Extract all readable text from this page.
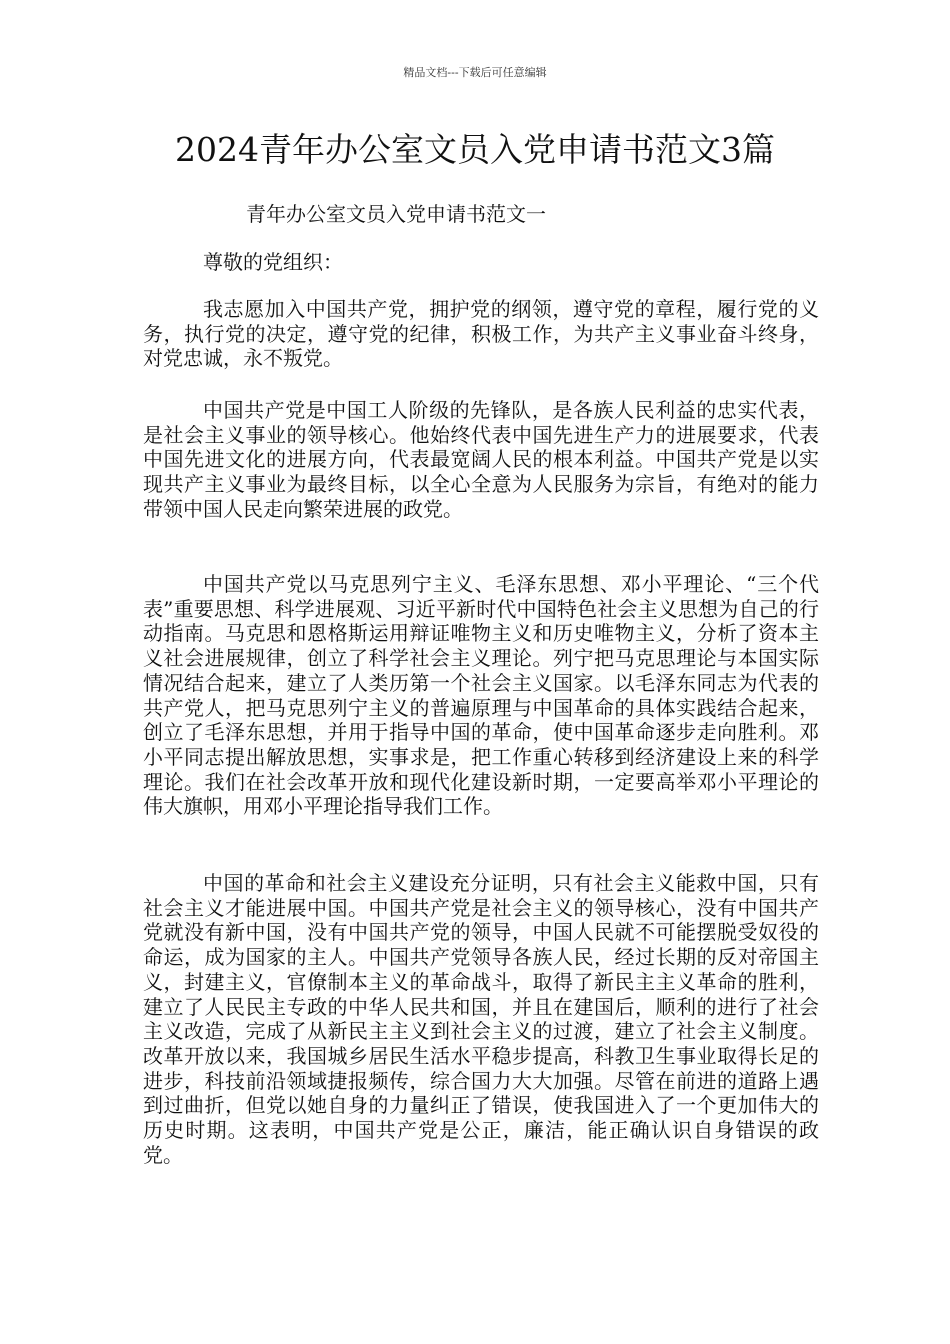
精品文档---下载后可任意编辑
2024青年办公室文员入党申请书范文3篇
青年办公室文员入党申请书范文一
尊敬的党组织：

我志愿加入中国共产党，拥护党的纲领，遵守党的章程，履行党的义务，执行党的决定，遵守党的纪律，积极工作，为共产主义事业奋斗终身，对党忠诚，永不叛党。

中国共产党是中国工人阶级的先锋队，是各族人民利益的忠实代表，是社会主义事业的领导核心。他始终代表中国先进生产力的进展要求，代表中国先进文化的进展方向，代表最宽阔人民的根本利益。中国共产党是以实现共产主义事业为最终目标，以全心全意为人民服务为宗旨，有绝对的能力带领中国人民走向繁荣进展的政党。

中国共产党以马克思列宁主义、毛泽东思想、邓小平理论、“三个代表”重要思想、科学进展观、习近平新时代中国特色社会主义思想为自己的行动指南。马克思和恩格斯运用辩证唯物主义和历史唯物主义，分析了资本主义社会进展规律，创立了科学社会主义理论。列宁把马克思理论与本国实际情况结合起来，建立了人类历第一个社会主义国家。以毛泽东同志为代表的共产党人，把马克思列宁主义的普遍原理与中国革命的具体实践结合起来，创立了毛泽东思想，并用于指导中国的革命，使中国革命逐步走向胜利。邓小平同志提出解放思想，实事求是，把工作重心转移到经济建设上来的科学理论。我们在社会改革开放和现代化建设新时期，一定要高举邓小平理论的伟大旗帜，用邓小平理论指导我们工作。

中国的革命和社会主义建设充分证明，只有社会主义能救中国，只有社会主义才能进展中国。中国共产党是社会主义的领导核心，没有中国共产党就没有新中国，没有中国共产党的领导，中国人民就不可能摆脱受奴役的命运，成为国家的主人。中国共产党领导各族人民，经过长期的反对帝国主义，封建主义，官僚制本主义的革命战斗，取得了新民主主义革命的胜利，建立了人民民主专政的中华人民共和国，并且在建国后，顺利的进行了社会主义改造，完成了从新民主主义到社会主义的过渡，建立了社会主义制度。改革开放以来，我国城乡居民生活水平稳步提高，科教卫生事业取得长足的进步，科技前沿领域捷报频传，综合国力大大加强。尽管在前进的道路上遇到过曲折，但党以她自身的力量纠正了错误，使我国进入了一个更加伟大的历史时期。这表明，中国共产党是公正，廉洁，能正确认识自身错误的政党。
